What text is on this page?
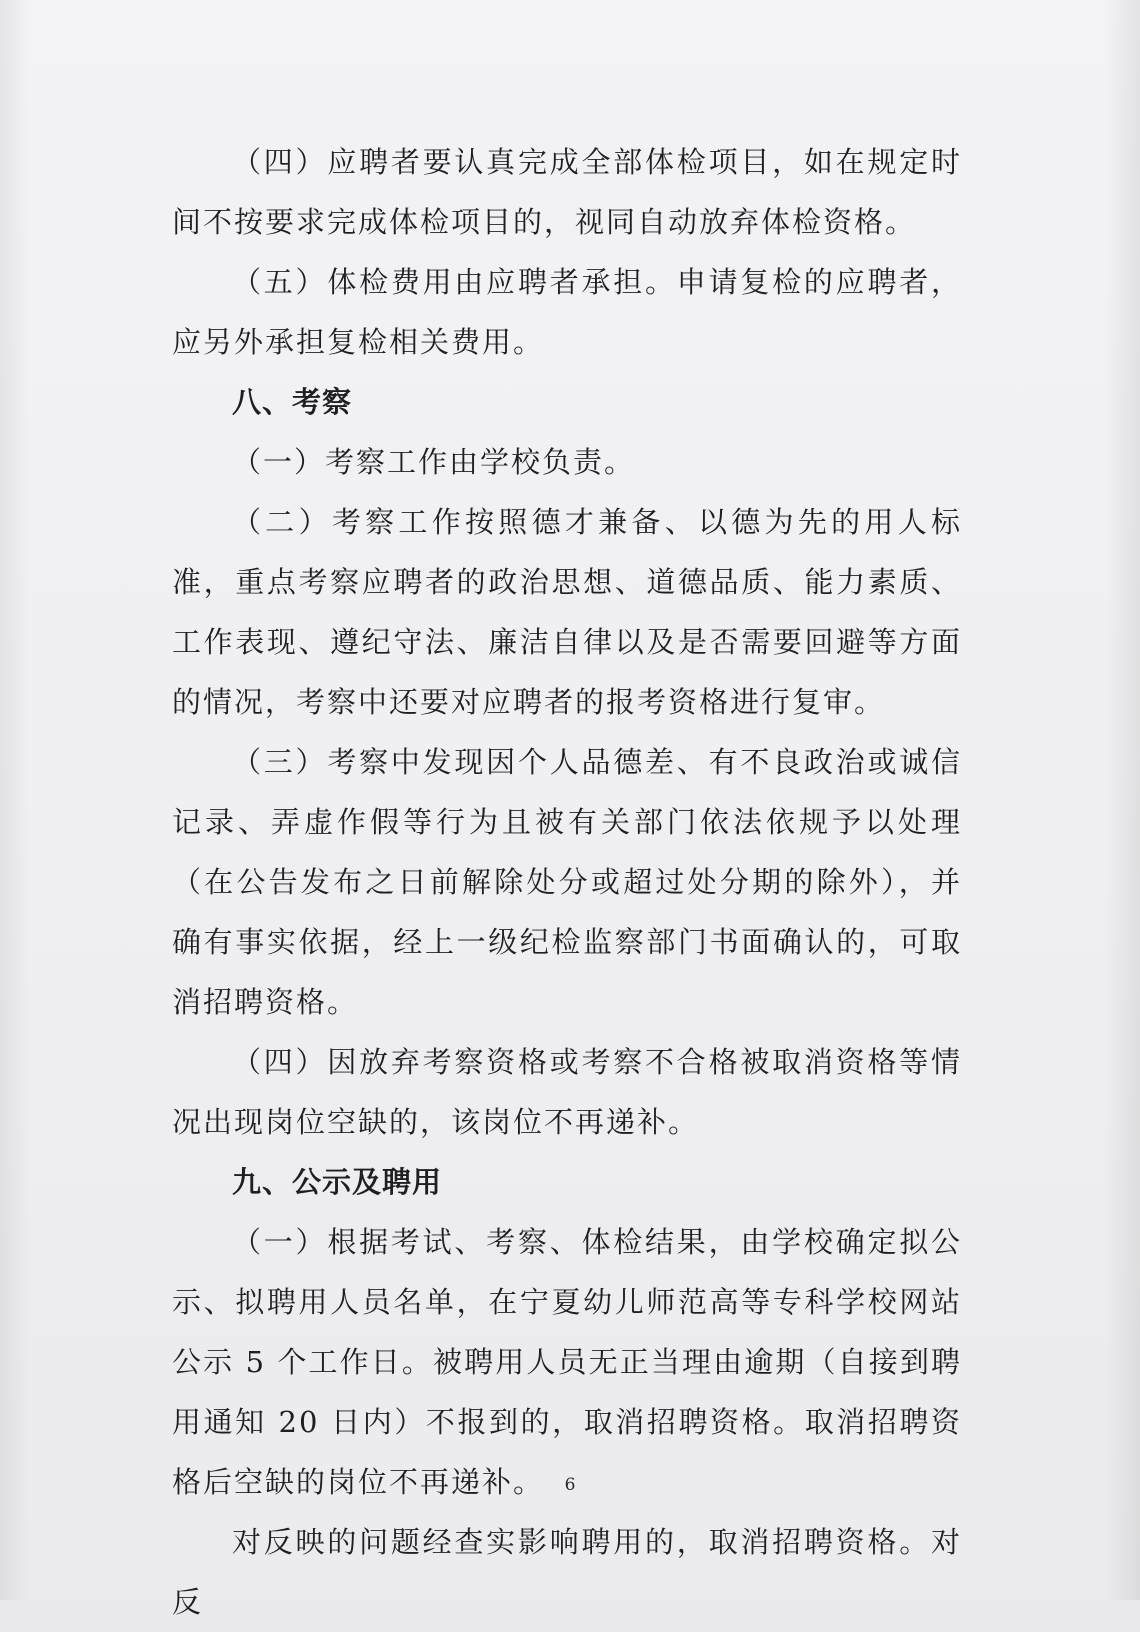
（四）应聘者要认真完成全部体检项目，如在规定时间不按要求完成体检项目的，视同自动放弃体检资格。

（五）体检费用由应聘者承担。申请复检的应聘者，应另外承担复检相关费用。

八、考察

（一）考察工作由学校负责。

（二）考察工作按照德才兼备、以德为先的用人标准，重点考察应聘者的政治思想、道德品质、能力素质、工作表现、遵纪守法、廉洁自律以及是否需要回避等方面的情况，考察中还要对应聘者的报考资格进行复审。

（三）考察中发现因个人品德差、有不良政治或诚信记录、弄虚作假等行为且被有关部门依法依规予以处理（在公告发布之日前解除处分或超过处分期的除外），并确有事实依据，经上一级纪检监察部门书面确认的，可取消招聘资格。

（四）因放弃考察资格或考察不合格被取消资格等情况出现岗位空缺的，该岗位不再递补。

九、公示及聘用

（一）根据考试、考察、体检结果，由学校确定拟公示、拟聘用人员名单，在宁夏幼儿师范高等专科学校网站公示 5 个工作日。被聘用人员无正当理由逾期（自接到聘用通知 20 日内）不报到的，取消招聘资格。取消招聘资格后空缺的岗位不再递补。

对反映的问题经查实影响聘用的，取消招聘资格。对反

6
